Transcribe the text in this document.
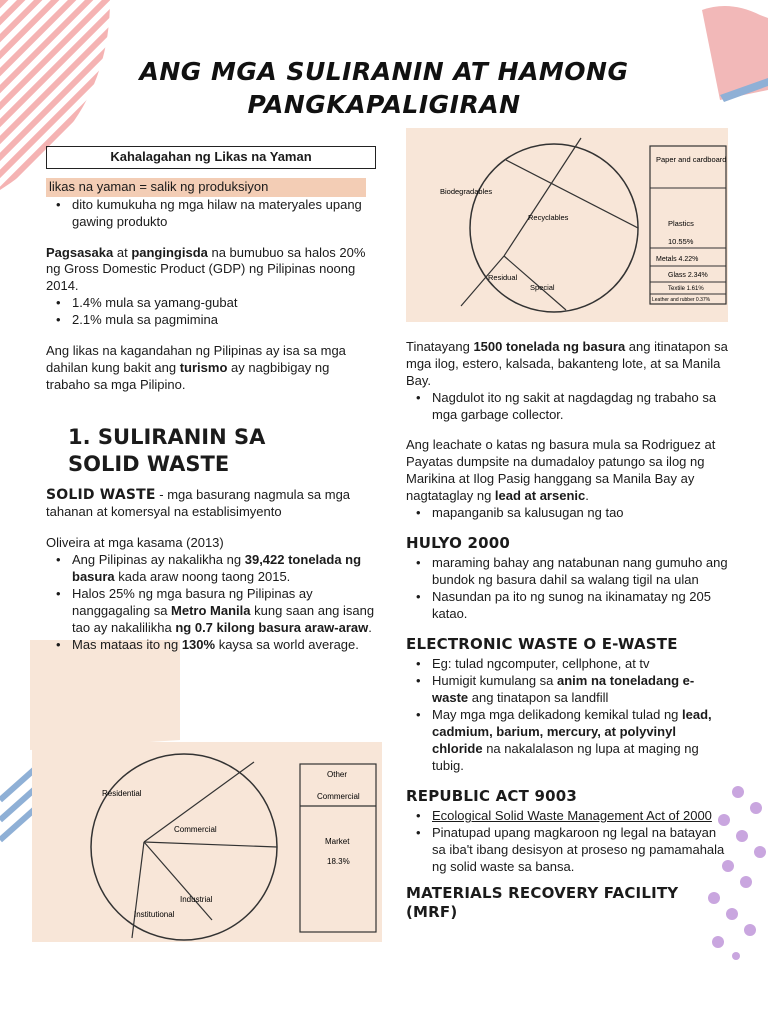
ANG MGA SULIRANIN AT HAMONG PANGKAPALIGIRAN
Kahalagahan ng Likas na Yaman
likas na yaman = salik ng produksiyon
• dito kumukuha ng mga hilaw na materyales upang gawing produkto

Pagsasaka at pangingisda na bumubuo sa halos 20% ng Gross Domestic Product (GDP) ng Pilipinas noong 2014.

• 1.4% mula sa yamang-gubat
• 2.1% mula sa pagmimina

Ang likas na kagandahan ng Pilipinas ay isa sa mga dahilan kung bakit ang turismo ay nagbibigay ng trabaho sa mga Pilipino.

1. SULIRANIN SA SOLID WASTE

SOLID WASTE - mga basurang nagmula sa mga tahanan at komersyal na establisimyento

Oliveira at mga kasama (2013)

• Ang Pilipinas ay nakalikha ng 39,422 tonelada ng basura kada araw noong taong 2015.
• Halos 25% ng mga basura ng Pilipinas ay nanggagaling sa Metro Manila kung saan ang isang tao ay nakalilikha ng 0.7 kilong basura araw-araw.
• Mas mataas ito ng 130% kaysa sa world average.
Residential
Commercial
Industrial
Institutional
Other
Commercial
Market
18.3%
Biodegradables
Recyclables
Residual
Special
Paper and cardboard
Plastics
10.55%
Metals 4.22%
Glass 2.34%
Textile 1.61%
Leather and rubber 0.37%

Tinatayang 1500 tonelada ng basura ang itinatapon sa mga ilog, estero, kalsada, bakanteng lote, at sa Manila Bay.

• Nagdulot ito ng sakit at nagdagdag ng trabaho sa mga garbage collector.

Ang leachate o katas ng basura mula sa Rodriguez at Payatas dumpsite na dumadaloy patungo sa ilog ng Marikina at Ilog Pasig hanggang sa Manila Bay ay nagtataglay ng lead at arsenic.

• mapanganib sa kalusugan ng tao
HULYO 2000
• maraming bahay ang natabunan nang gumuho ang bundok ng basura dahil sa walang tigil na ulan
• Nasundan pa ito ng sunog na ikinamatay ng 205 katao.
ELECTRONIC WASTE O E-WASTE
• Eg: tulad ngcomputer, cellphone, at tv
• Humigit kumulang sa anim na toneladang e-waste ang tinatapon sa landfill
• May mga mga delikadong kemikal tulad ng lead, cadmium, barium, mercury, at polyvinyl chloride na nakalalason ng lupa at maging ng tubig.
REPUBLIC ACT 9003
• Ecological Solid Waste Management Act of 2000
• Pinatupad upang magkaroon ng legal na batayan sa iba't ibang desisyon at proseso ng pamamahala ng solid waste sa bansa.
MATERIALS RECOVERY FACILITY (MRF)
